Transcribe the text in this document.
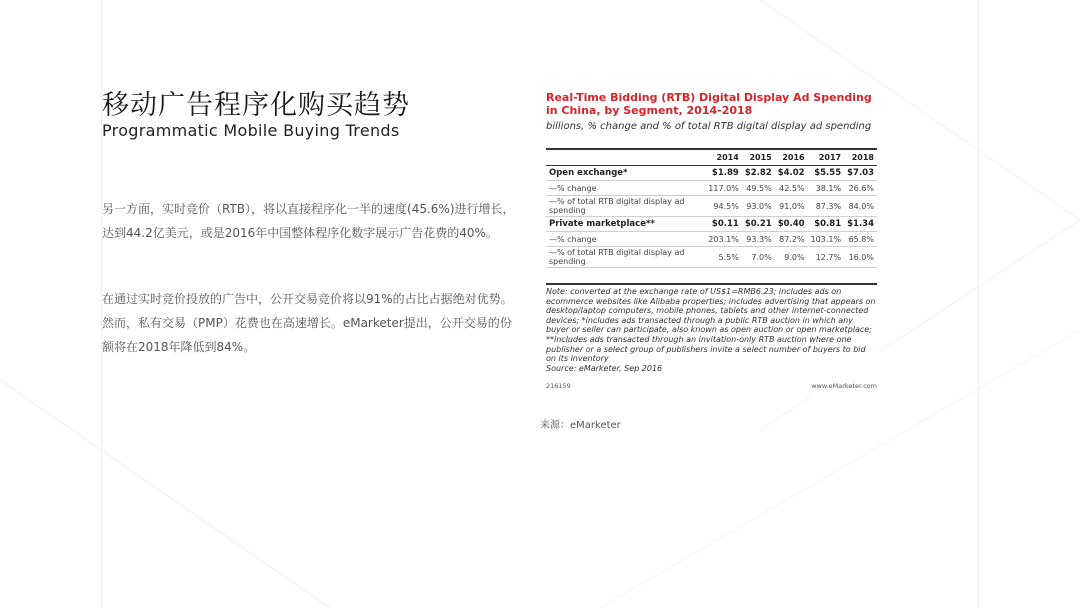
移动广告程序化购买趋势
Programmatic Mobile Buying Trends
另一方面，实时竞价（RTB），将以直接程序化一半的速度(45.6%)进行增长，达到44.2亿美元，或是2016年中国整体程序化数字展示广告花费的40%。
在通过实时竞价投放的广告中，公开交易竞价将以91%的占比占据绝对优势。然而，私有交易（PMP）花费也在高速增长。eMarketer提出，公开交易的份额将在2018年降低到84%。
Real-Time Bidding (RTB) Digital Display Ad Spending in China, by Segment, 2014-2018
billions, % change and % of total RTB digital display ad spending
	2014	2015	2016	2017	2018
Open exchange*	$1.89	$2.82	$4.02	$5.55	$7.03
—% change	117.0%	49.5%	42.5%	38.1%	26.6%
—% of total RTB digital display ad spending	94.5%	93.0%	91.0%	87.3%	84.0%
Private marketplace**	$0.11	$0.21	$0.40	$0.81	$1.34
—% change	203.1%	93.3%	87.2%	103.1%	65.8%
—% of total RTB digital display ad spending	5.5%	7.0%	9.0%	12.7%	16.0%
Note: converted at the exchange rate of US$1=RMB6.23; includes ads on ecommerce websites like Alibaba properties; includes advertising that appears on desktop/laptop computers, mobile phones, tablets and other internet-connected devices; *includes ads transacted through a public RTB auction in which any buyer or seller can participate, also known as open auction or open marketplace; **includes ads transacted through an invitation-only RTB auction where one publisher or a select group of publishers invite a select number of buyers to bid on its inventory
Source: eMarketer, Sep 2016
216159	www.eMarketer.com
来源：eMarketer
